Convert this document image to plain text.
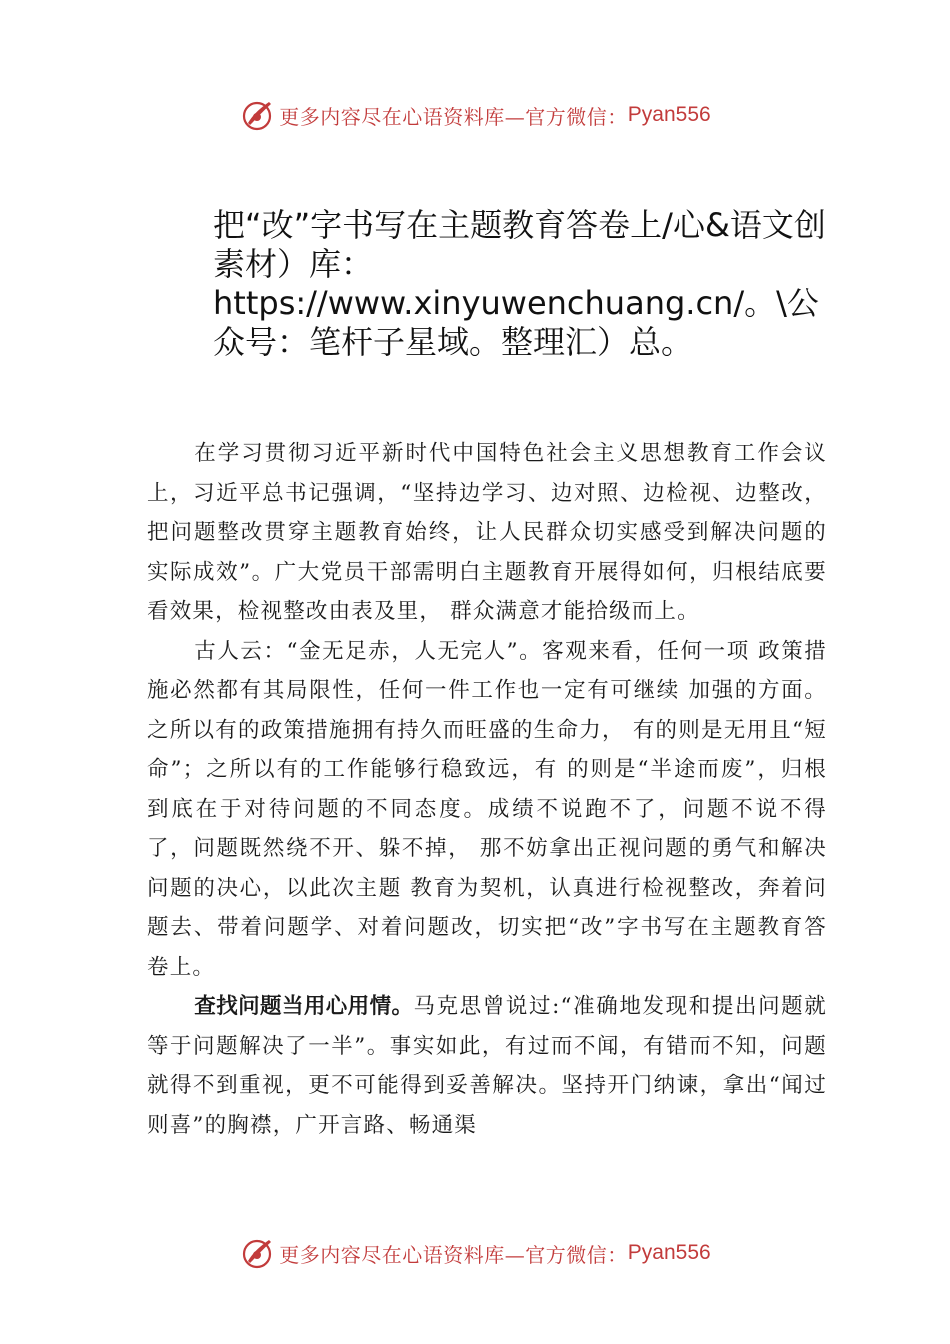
更多内容尽在心语资料库—官方微信： Pyan556
把“改”字书写在主题教育答卷上/心&语文创素材）库：https://www.xinyuwenchuang.cn/。\公众号：笔杆子星域。整理汇）总。

在学习贯彻习近平新时代中国特色社会主义思想教育工作会议上，习近平总书记强调，“坚持边学习、边对照、边检视、边整改，把问题整改贯穿主题教育始终，让人民群众切实感受到解决问题的实际成效”。广大党员干部需明白主题教育开展得如何，归根结底要看效果，检视整改由表及里， 群众满意才能拾级而上。

古人云：“金无足赤，人无完人”。客观来看，任何一项 政策措施必然都有其局限性，任何一件工作也一定有可继续 加强的方面。之所以有的政策措施拥有持久而旺盛的生命力， 有的则是无用且“短命”；之所以有的工作能够行稳致远，有 的则是“半途而废”，归根到底在于对待问题的不同态度。成绩不说跑不了，问题不说不得了，问题既然绕不开、躲不掉， 那不妨拿出正视问题的勇气和解决问题的决心，以此次主题 教育为契机，认真进行检视整改，奔着问题去、带着问题学、对着问题改，切实把“改”字书写在主题教育答卷上。

查找问题当用心用情。马克思曾说过:“准确地发现和提出问题就等于问题解决了一半”。事实如此，有过而不闻，有错而不知，问题就得不到重视，更不可能得到妥善解决。坚持开门纳谏，拿出“闻过则喜”的胸襟，广开言路、畅通渠

更多内容尽在心语资料库—官方微信： Pyan556
